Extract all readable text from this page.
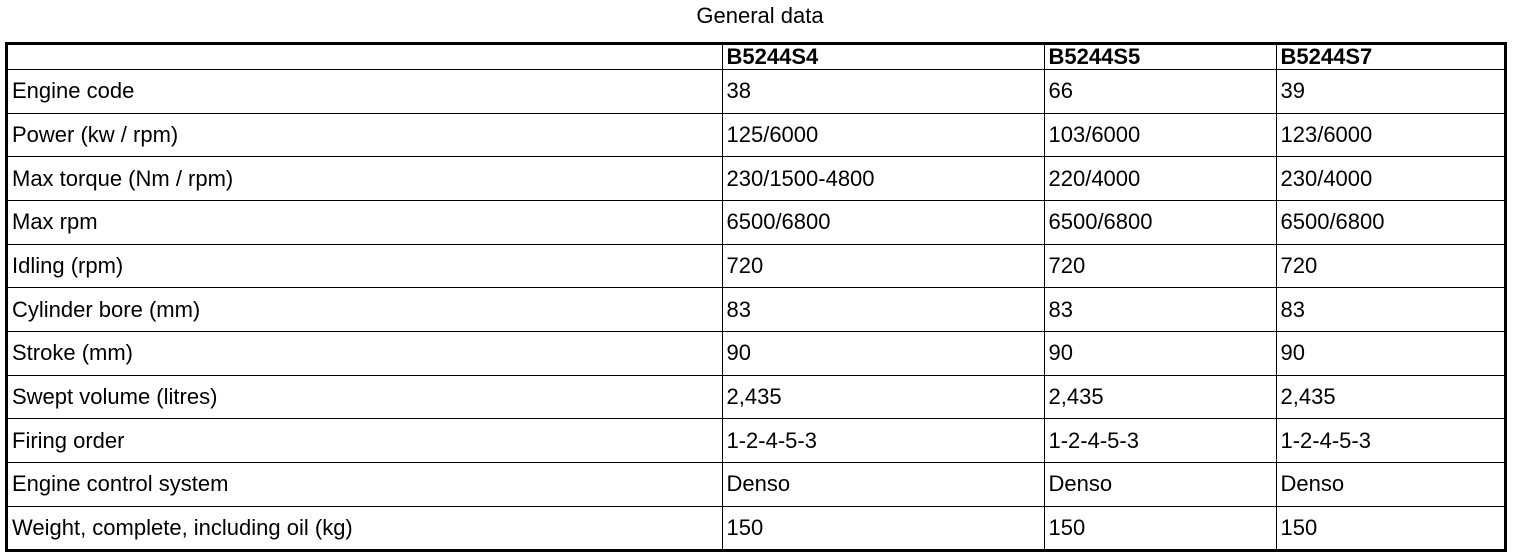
General data
	B5244S4	B5244S5	B5244S7
Engine code	38	66	39
Power (kw / rpm)	125/6000	103/6000	123/6000
Max torque (Nm / rpm)	230/1500-4800	220/4000	230/4000
Max rpm	6500/6800	6500/6800	6500/6800
Idling (rpm)	720	720	720
Cylinder bore (mm)	83	83	83
Stroke (mm)	90	90	90
Swept volume (litres)	2,435	2,435	2,435
Firing order	1-2-4-5-3	1-2-4-5-3	1-2-4-5-3
Engine control system	Denso	Denso	Denso
Weight, complete, including oil (kg)	150	150	150
